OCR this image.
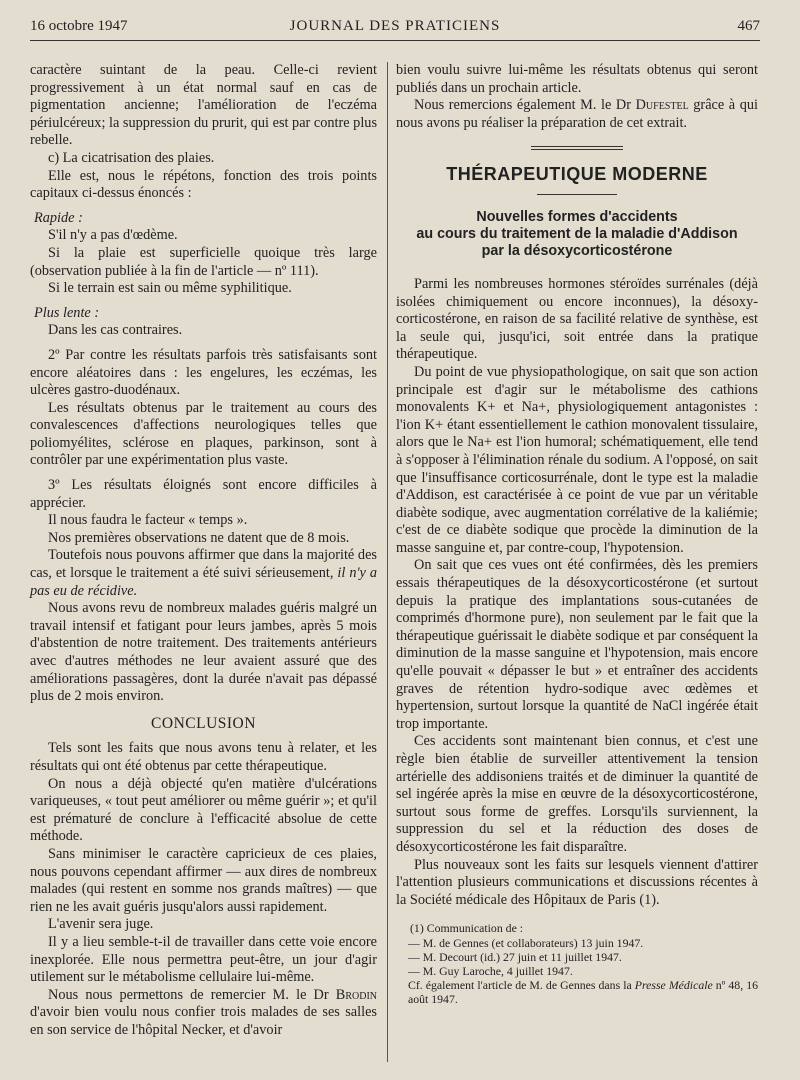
16 octobre 1947	JOURNAL DES PRATICIENS	467

caractère suintant de la peau. Celle-ci revient progressivement à un état normal sauf en cas de pigmentation ancienne; l'amélioration de l'eczéma périulcéreux; la suppression du prurit, qui est par contre plus rebelle.

c) La cicatrisation des plaies.

Elle est, nous le répétons, fonction des trois points capitaux ci-dessus énoncés :

Rapide :

S'il n'y a pas d'œdème.

Si la plaie est superficielle quoique très large (observation publiée à la fin de l'article — nº 111).

Si le terrain est sain ou même syphilitique.

Plus lente :

Dans les cas contraires.

2º Par contre les résultats parfois très satisfaisants sont encore aléatoires dans : les engelures, les eczémas, les ulcères gastro-duodénaux.

Les résultats obtenus par le traitement au cours des convalescences d'affections neurologiques telles que poliomyélites, sclérose en plaques, parkinson, sont à contrôler par une expérimentation plus vaste.

3º Les résultats éloignés sont encore difficiles à apprécier.

Il nous faudra le facteur « temps ».

Nos premières observations ne datent que de 8 mois.

Toutefois nous pouvons affirmer que dans la majorité des cas, et lorsque le traitement a été suivi sérieusement, il n'y a pas eu de récidive.

Nous avons revu de nombreux malades guéris malgré un travail intensif et fatigant pour leurs jambes, après 5 mois d'abstention de notre traitement. Des traitements antérieurs avec d'autres méthodes ne leur avaient assuré que des améliorations passagères, dont la durée n'avait pas dépassé plus de 2 mois environ.

CONCLUSION

Tels sont les faits que nous avons tenu à relater, et les résultats qui ont été obtenus par cette thérapeutique.

On nous a déjà objecté qu'en matière d'ulcérations variqueuses, « tout peut améliorer ou même guérir »; et qu'il est prématuré de conclure à l'efficacité absolue de cette méthode.

Sans minimiser le caractère capricieux de ces plaies, nous pouvons cependant affirmer — aux dires de nombreux malades (qui restent en somme nos grands maîtres) — que rien ne les avait guéris jusqu'alors aussi rapidement.

L'avenir sera juge.

Il y a lieu semble-t-il de travailler dans cette voie encore inexplorée. Elle nous permettra peut-être, un jour d'agir utilement sur le métabolisme cellulaire lui-même.

Nous nous permettons de remercier M. le Dr Brodin d'avoir bien voulu nous confier trois malades de ses salles en son service de l'hôpital Necker, et d'avoir

bien voulu suivre lui-même les résultats obtenus qui seront publiés dans un prochain article.

Nous remercions également M. le Dr Dufestel grâce à qui nous avons pu réaliser la préparation de cet extrait.

THÉRAPEUTIQUE MODERNE
Nouvelles formes d'accidents
au cours du traitement de la maladie d'Addison
par la désoxycorticostérone

Parmi les nombreuses hormones stéroïdes surrénales (déjà isolées chimiquement ou encore inconnues), la désoxy-corticostérone, en raison de sa facilité relative de synthèse, est la seule qui, jusqu'ici, soit entrée dans la pratique thérapeutique.

Du point de vue physiopathologique, on sait que son action principale est d'agir sur le métabolisme des cathions monovalents K+ et Na+, physiologiquement antagonistes : l'ion K+ étant essentiellement le cathion monovalent tissulaire, alors que le Na+ est l'ion humoral; schématiquement, elle tend à s'opposer à l'élimination rénale du sodium. A l'opposé, on sait que l'insuffisance corticosurrénale, dont le type est la maladie d'Addison, est caractérisée à ce point de vue par un véritable diabète sodique, avec augmentation corrélative de la kaliémie; c'est de ce diabète sodique que procède la diminution de la masse sanguine et, par contre-coup, l'hypotension.

On sait que ces vues ont été confirmées, dès les premiers essais thérapeutiques de la désoxycorticostérone (et surtout depuis la pratique des implantations sous-cutanées de comprimés d'hormone pure), non seulement par le fait que la thérapeutique guérissait le diabète sodique et par conséquent la diminution de la masse sanguine et l'hypotension, mais encore qu'elle pouvait « dépasser le but » et entraîner des accidents graves de rétention hydro-sodique avec œdèmes et hypertension, surtout lorsque la quantité de NaCl ingérée était trop importante.

Ces accidents sont maintenant bien connus, et c'est une règle bien établie de surveiller attentivement la tension artérielle des addisoniens traités et de diminuer la quantité de sel ingérée après la mise en œuvre de la désoxycorticostérone, surtout sous forme de greffes. Lorsqu'ils surviennent, la suppression du sel et la réduction des doses de désoxycorticostérone les fait disparaître.

Plus nouveaux sont les faits sur lesquels viennent d'attirer l'attention plusieurs communications et discussions récentes à la Société médicale des Hôpitaux de Paris (1).

(1) Communication de :

— M. de Gennes (et collaborateurs) 13 juin 1947.

— M. Decourt (id.) 27 juin et 11 juillet 1947.

— M. Guy Laroche, 4 juillet 1947.

Cf. également l'article de M. de Gennes dans la Presse Médicale nº 48, 16 août 1947.
